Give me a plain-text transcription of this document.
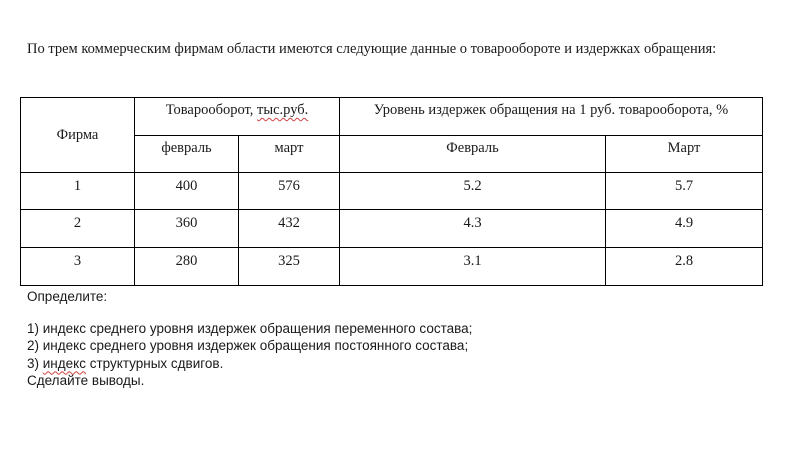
По трем коммерческим фирмам области имеются следующие данные о товарообороте и издержках обращения:
Фирма	Товарооборот, тыс.руб.		Уровень издержек обращения на 1 руб. товарооборота, %	

	февраль	март	Февраль	Март

1	400	576	5.2	5.7
2	360	432	4.3	4.9
3	280	325	3.1	2.8
Определите:
1) индекс среднего уровня издержек обращения переменного состава;
2) индекс среднего уровня издержек обращения постоянного состава;
3) индекс структурных сдвигов.
Сделайте выводы.
